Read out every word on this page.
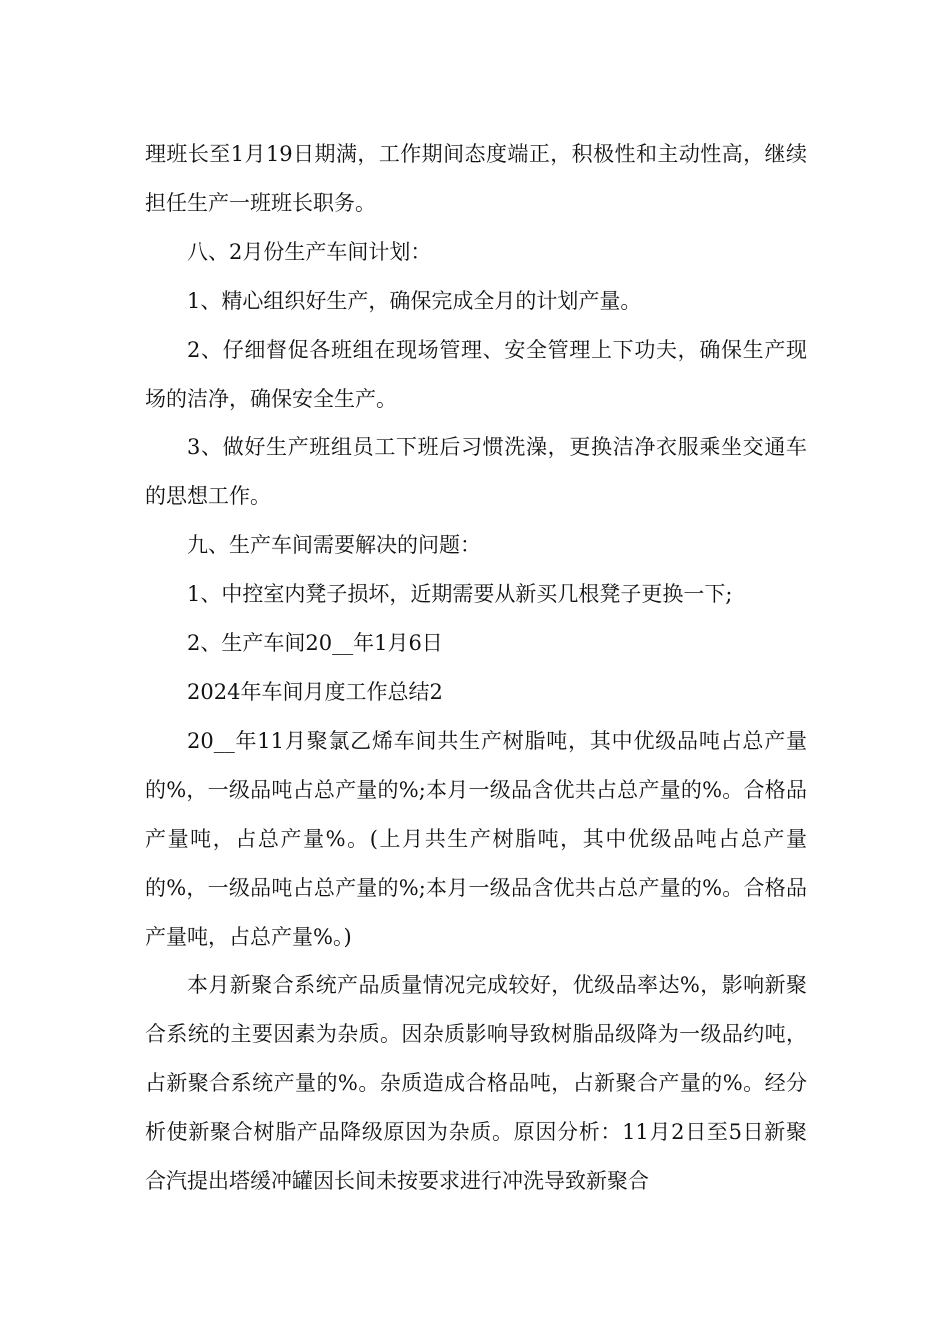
理班长至1月19日期满，工作期间态度端正，积极性和主动性高，继续担任生产一班班长职务。

八、2月份生产车间计划：

1、精心组织好生产，确保完成全月的计划产量。

2、仔细督促各班组在现场管理、安全管理上下功夫，确保生产现场的洁净，确保安全生产。

3、做好生产班组员工下班后习惯洗澡，更换洁净衣服乘坐交通车的思想工作。

九、生产车间需要解决的问题：

1、中控室内凳子损坏，近期需要从新买几根凳子更换一下;

2、生产车间20__年1月6日

2024年车间月度工作总结2

20__年11月聚氯乙烯车间共生产树脂吨，其中优级品吨占总产量的%，一级品吨占总产量的%;本月一级品含优共占总产量的%。合格品产量吨，占总产量%。(上月共生产树脂吨，其中优级品吨占总产量的%，一级品吨占总产量的%;本月一级品含优共占总产量的%。合格品产量吨，占总产量%。)

本月新聚合系统产品质量情况完成较好，优级品率达%，影响新聚合系统的主要因素为杂质。因杂质影响导致树脂品级降为一级品约吨，占新聚合系统产量的%。杂质造成合格品吨，占新聚合产量的%。经分析使新聚合树脂产品降级原因为杂质。原因分析：11月2日至5日新聚合汽提出塔缓冲罐因长间未按要求进行冲洗导致新聚合
